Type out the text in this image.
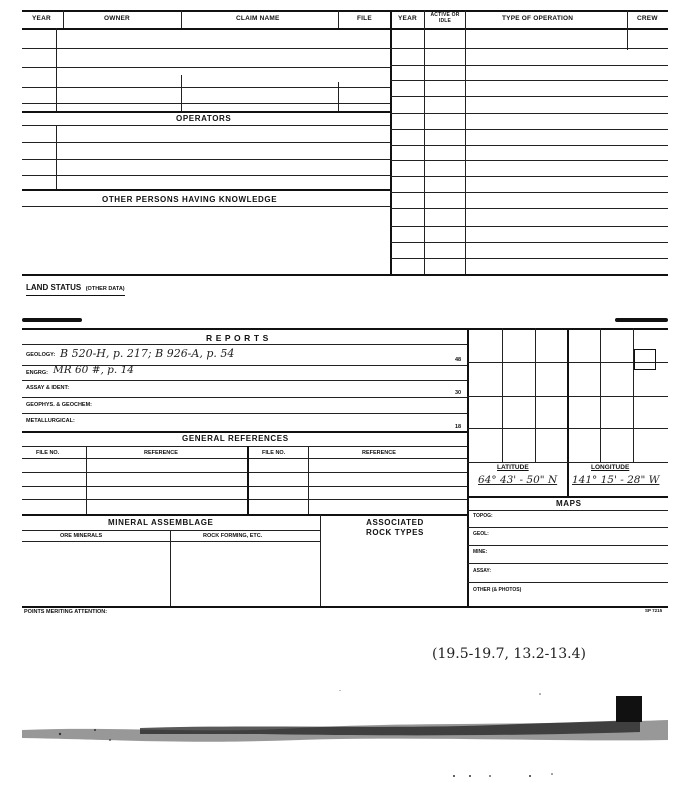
YEAR	OWNER	CLAIM NAME	FILE	YEAR	ACTIVE OR IDLE	TYPE OF OPERATION	CREW
OPERATORS
OTHER PERSONS HAVING KNOWLEDGE
LAND STATUS (OTHER DATA)
R E P O R T S
GEOLOGY: B 520-H, p. 217; B 926-A, p. 54	48
ENGRG: MR 60 #, p. 14
ASSAY & IDENT:
30
GEOPHYS. & GEOCHEM:
METALLURGICAL:
18
GENERAL REFERENCES
FILE NO.	REFERENCE	FILE NO.	REFERENCE
MINERAL ASSEMBLAGE
ORE MINERALS	ROCK FORMING, ETC.
ASSOCIATED ROCK TYPES
LATITUDE	LONGITUDE
64° 43' - 50" N 141° 15' - 28" W
MAPS
TOPOG:
GEOL:
MINE:
ASSAY:
OTHER (& PHOTOS)
POINTS MERITING ATTENTION:	SP 7215
(19.5-19.7, 13.2-13.4)
